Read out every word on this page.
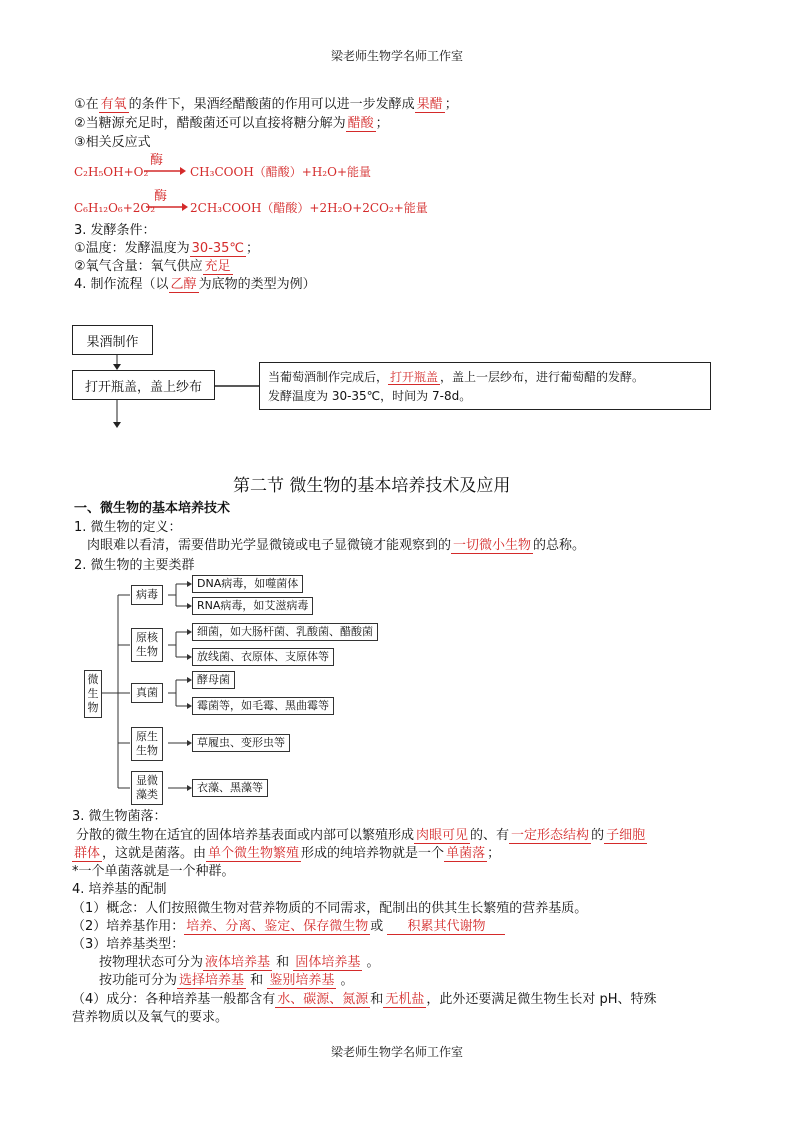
梁老师生物学名师工作室
①在 有氧 的条件下，果酒经醋酸菌的作用可以进一步发酵成 果醋 ；
②当糖源充足时，醋酸菌还可以直接将糖分解为 醋酸 ；
③相关反应式
酶
C₂H₅OH+O₂ → CH₃COOH（醋酸）+H₂O+能量
酶
C₆H₁₂O₆+2O₂ → 2CH₃COOH（醋酸）+2H₂O+2CO₂+能量
3. 发酵条件：
①温度：发酵温度为 30-35℃ ；
②氧气含量：氧气供应 充足
4. 制作流程（以 乙醇 为底物的类型为例）
果酒制作
打开瓶盖，盖上纱布
当葡萄酒制作完成后， 打开瓶盖 ，盖上一层纱布，进行葡萄醋的发酵。
发酵温度为 30-35℃，时间为 7-8d。
第二节 微生物的基本培养技术及应用
一、微生物的基本培养技术
1. 微生物的定义：
肉眼难以看清，需要借助光学显微镜或电子显微镜才能观察到的 一切微小生物 的总称。
2. 微生物的主要类群
微生物
病毒
原核生物
真菌
原生生物
显微藻类
DNA病毒，如噬菌体
RNA病毒，如艾滋病毒
细菌，如大肠杆菌、乳酸菌、醋酸菌
放线菌、衣原体、支原体等
酵母菌
霉菌等，如毛霉、黑曲霉等
草履虫、变形虫等
衣藻、黑藻等
3. 微生物菌落：
分散的微生物在适宜的固体培养基表面或内部可以繁殖形成 肉眼可见 的、有 一定形态结构 的 子细胞
群体 ，这就是菌落。由 单个微生物繁殖 形成的纯培养物就是一个 单菌落 ；
*一个单菌落就是一个种群。
4. 培养基的配制
（1）概念：人们按照微生物对营养物质的不同需求，配制出的供其生长繁殖的营养基质。
（2）培养基作用： 培养、分离、鉴定、保存微生物 或 积累其代谢物
（3）培养基类型：
按物理状态可分为 液体培养基 和 固体培养基 。
按功能可分为 选择培养基 和 鉴别培养基 。
（4）成分：各种培养基一般都含有 水、碳源、氮源 和 无机盐 ，此外还要满足微生物生长对 pH、特殊
营养物质以及氧气的要求。
梁老师生物学名师工作室
